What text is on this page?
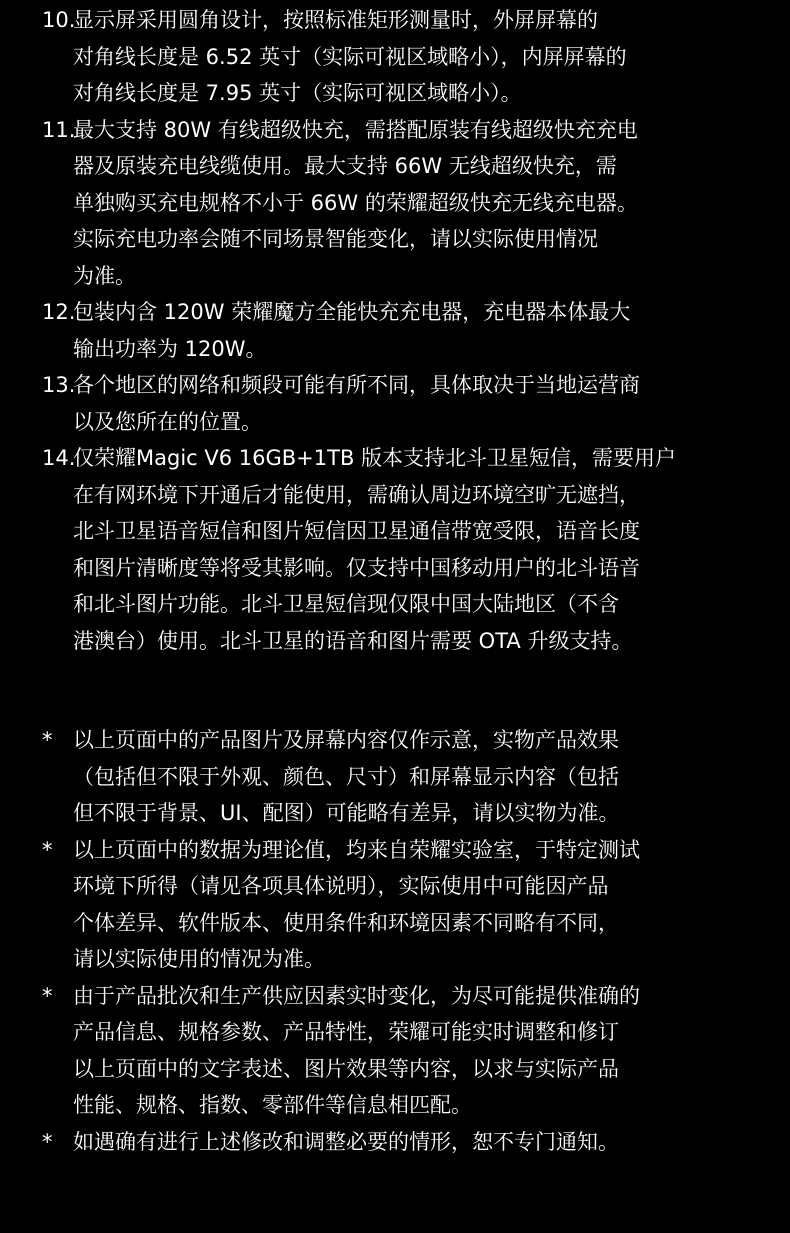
10.
显示屏采用圆角设计，按照标准矩形测量时，外屏屏幕的
对角线长度是 6.52 英寸（实际可视区域略小），内屏屏幕的
对角线长度是 7.95 英寸（实际可视区域略小）。
11.
最大支持 80W 有线超级快充，需搭配原装有线超级快充充电
器及原装充电线缆使用。最大支持 66W 无线超级快充，需
单独购买充电规格不小于 66W 的荣耀超级快充无线充电器。
实际充电功率会随不同场景智能变化，请以实际使用情况
为准。
12.
包装内含 120W 荣耀魔方全能快充充电器，充电器本体最大
输出功率为 120W。
13.
各个地区的网络和频段可能有所不同，具体取决于当地运营商
以及您所在的位置。
14.
仅荣耀Magic V6 16GB+1TB 版本支持北斗卫星短信，需要用户
在有网环境下开通后才能使用，需确认周边环境空旷无遮挡，
北斗卫星语音短信和图片短信因卫星通信带宽受限，语音长度
和图片清晰度等将受其影响。仅支持中国移动用户的北斗语音
和北斗图片功能。北斗卫星短信现仅限中国大陆地区（不含
港澳台）使用。北斗卫星的语音和图片需要 OTA 升级支持。
* 以上页面中的产品图片及屏幕内容仅作示意，实物产品效果
（包括但不限于外观、颜色、尺寸）和屏幕显示内容（包括
但不限于背景、UI、配图）可能略有差异，请以实物为准。
* 以上页面中的数据为理论值，均来自荣耀实验室，于特定测试
环境下所得（请见各项具体说明），实际使用中可能因产品
个体差异、软件版本、使用条件和环境因素不同略有不同，
请以实际使用的情况为准。
* 由于产品批次和生产供应因素实时变化，为尽可能提供准确的
产品信息、规格参数、产品特性，荣耀可能实时调整和修订
以上页面中的文字表述、图片效果等内容，以求与实际产品
性能、规格、指数、零部件等信息相匹配。
* 如遇确有进行上述修改和调整必要的情形，恕不专门通知。
